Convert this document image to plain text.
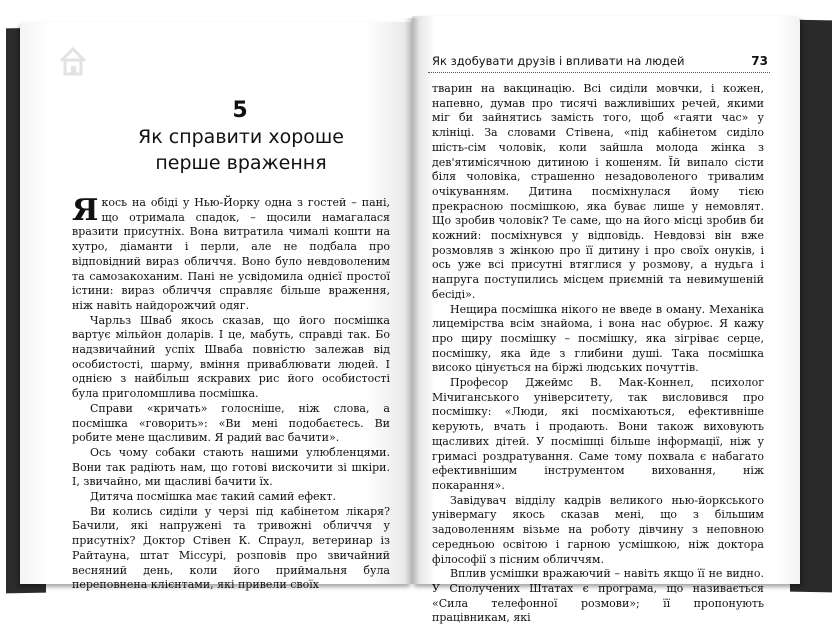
5
Як справити хороше
перше враження

Якось на обіді у Нью-Йорку одна з гостей – пані, що отримала спадок, – щосили намагалася вразити присутніх. Вона витратила чималі кошти на хутро, діаманти і перли, але не подбала про відповідний вираз обличчя. Воно було невдоволеним та самозакоханим. Пані не усвідомила однієї простої істини: вираз обличчя справляє більше враження, ніж навіть найдорожчий одяг.

Чарльз Шваб якось сказав, що його посмішка вартує мільйон доларів. І це, мабуть, справді так. Бо надзвичайний успіх Шваба повністю залежав від особистості, шарму, вміння приваблювати людей. І однією з найбільш яскравих рис його особистості була приголомшлива посмішка.

Справи «кричать» голосніше, ніж слова, а посмішка «говорить»: «Ви мені подобаєтесь. Ви робите мене щасливим. Я радий вас бачити».

Ось чому собаки стають нашими улюбленцями. Вони так радіють нам, що готові вискочити зі шкіри. І, звичайно, ми щасливі бачити їх.

Дитяча посмішка має такий самий ефект.

Ви колись сиділи у черзі під кабінетом лікаря? Бачили, які напружені та тривожні обличчя у присутніх? Доктор Стівен К. Спраул, ветеринар із Райтауна, штат Міссурі, розповів про звичайний весняний день, коли його приймальня була переповнена клієнтами, які привели своїх

Як здобувати друзів і впливати на людей	73

тварин на вакцинацію. Всі сиділи мовчки, і кожен, напевно, думав про тисячі важливіших речей, якими міг би зайнятись замість того, щоб «гаяти час» у клініці. За словами Стівена, «під кабінетом сиділо шість-сім чоловік, коли зайшла молода жінка з дев'ятимісячною дитиною і кошеням. Їй випало сісти біля чоловіка, страшенно незадоволеного тривалим очікуванням. Дитина посміхнулася йому тією прекрасною посмішкою, яка буває лише у немовлят. Що зробив чоловік? Те саме, що на його місці зробив би кожний: посміхнувся у відповідь. Невдовзі він вже розмовляв з жінкою про її дитину і про своїх онуків, і ось уже всі присутні втяглися у розмову, а нудьга і напруга поступились місцем приємній та невимушеній бесіді».

Нещира посмішка нікого не введе в оману. Механіка лицемірства всім знайома, і вона нас обурює. Я кажу про щиру посмішку – посмішку, яка зігріває серце, посмішку, яка йде з глибини душі. Така посмішка високо цінується на біржі людських почуттів.

Професор Джеймс В. Мак-Коннел, психолог Мічиганського університету, так висловився про посмішку: «Люди, які посміхаються, ефективніше керують, вчать і продають. Вони також виховують щасливих дітей. У посмішці більше інформації, ніж у гримасі роздратування. Саме тому похвала є набагато ефективнішим інструментом виховання, ніж покарання».

Завідувач відділу кадрів великого нью-йоркського універмагу якось сказав мені, що з більшим задоволенням візьме на роботу дівчину з неповною середньою освітою і гарною усмішкою, ніж доктора філософії з пісним обличчям.

Вплив усмішки вражаючий – навіть якщо її не видно. У Сполучених Штатах є програма, що називається «Сила телефонної розмови»; її пропонують працівникам, які
